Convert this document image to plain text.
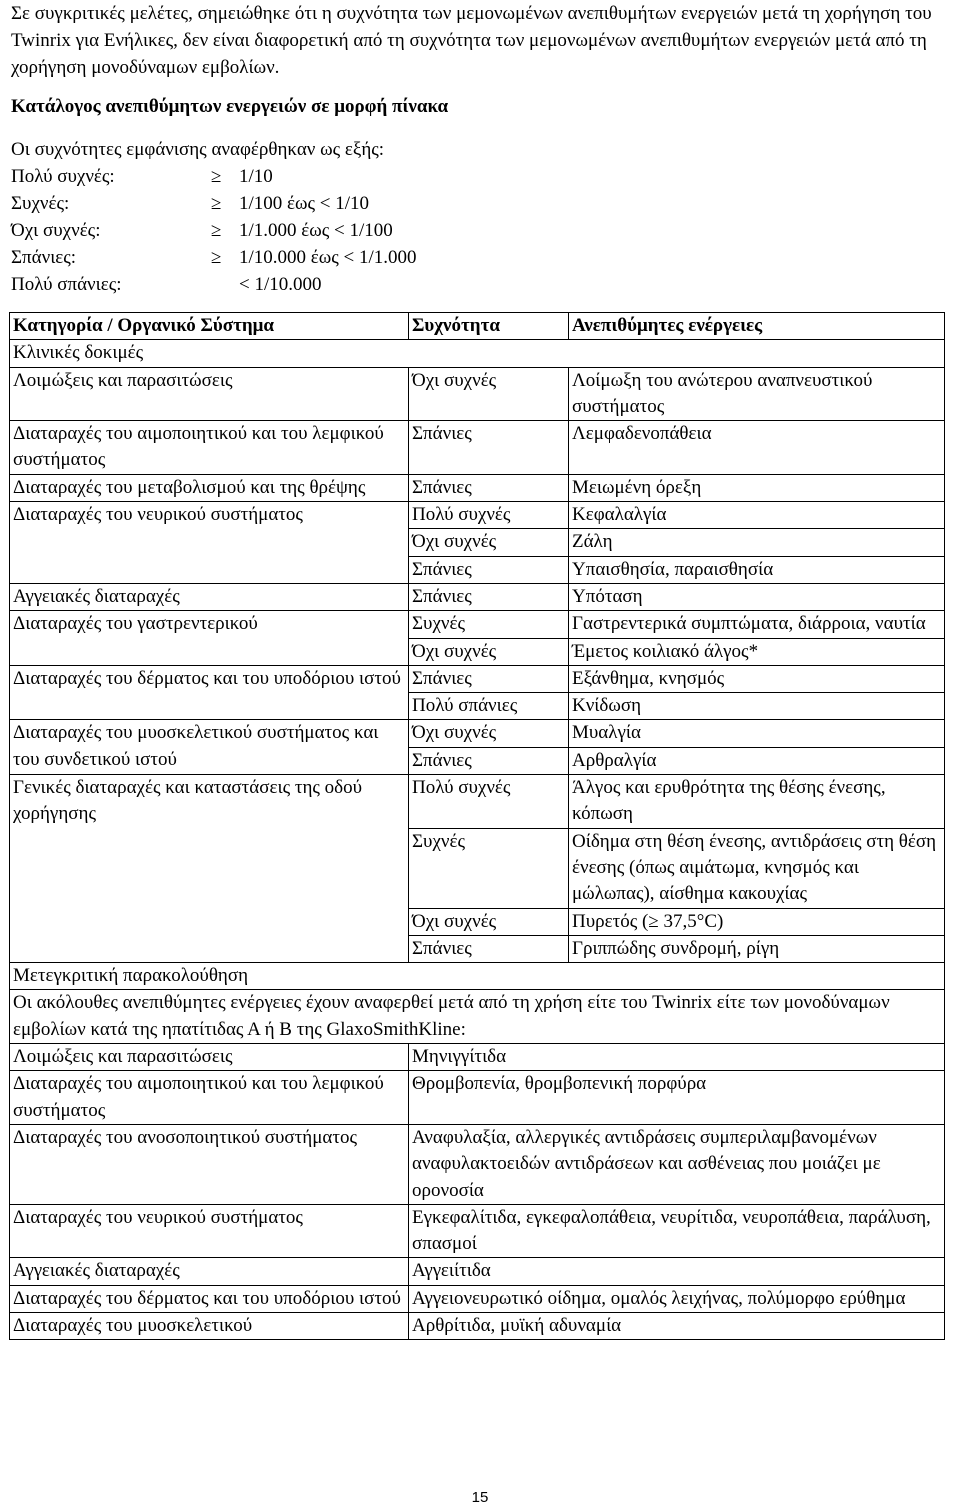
Σε συγκριτικές μελέτες, σημειώθηκε ότι η συχνότητα των μεμονωμένων ανεπιθυμήτων ενεργειών μετά τη χορήγηση του Twinrix για Ενήλικες, δεν είναι διαφορετική από τη συχνότητα των μεμονωμένων ανεπιθυμήτων ενεργειών μετά από τη χορήγηση μονοδύναμων εμβολίων.

Κατάλογος ανεπιθύμητων ενεργειών σε μορφή πίνακα

Οι συχνότητες εμφάνισης αναφέρθηκαν ως εξής:

Πολύ συχνές:	≥	1/10
Συχνές:	≥	1/100 έως < 1/10
Όχι συχνές:	≥	1/1.000 έως < 1/100
Σπάνιες:	≥	1/10.000 έως < 1/1.000
Πολύ σπάνιες:		< 1/10.000
Κατηγορία / Οργανικό Σύστημα	Συχνότητα	Ανεπιθύμητες ενέργειες
Κλινικές δοκιμές		
Λοιμώξεις και παρασιτώσεις	Όχι συχνές	Λοίμωξη του ανώτερου αναπνευστικού συστήματος
Διαταραχές του αιμοποιητικού και του λεμφικού συστήματος	Σπάνιες	Λεμφαδενοπάθεια
Διαταραχές του μεταβολισμού και της θρέψης	Σπάνιες	Μειωμένη όρεξη
Διαταραχές του νευρικού συστήματος	Πολύ συχνές	Κεφαλαλγία
	Όχι συχνές	Ζάλη
	Σπάνιες	Υπαισθησία, παραισθησία
Αγγειακές διαταραχές	Σπάνιες	Υπόταση
Διαταραχές του γαστρεντερικού	Συχνές	Γαστρεντερικά συμπτώματα, διάρροια, ναυτία
	Όχι συχνές	Έμετος κοιλιακό άλγος*
Διαταραχές του δέρματος και του υποδόριου ιστού	Σπάνιες	Εξάνθημα, κνησμός
	Πολύ σπάνιες	Κνίδωση
Διαταραχές του μυοσκελετικού συστήματος και του συνδετικού ιστού	Όχι συχνές	Μυαλγία
	Σπάνιες	Αρθραλγία
Γενικές διαταραχές και καταστάσεις της οδού χορήγησης	Πολύ συχνές	Άλγος και ερυθρότητα της θέσης ένεσης, κόπωση
	Συχνές	Οίδημα στη θέση ένεσης, αντιδράσεις στη θέση ένεσης (όπως αιμάτωμα, κνησμός και μώλωπας), αίσθημα κακουχίας
	Όχι συχνές	Πυρετός (≥ 37,5°C)
	Σπάνιες	Γριππώδης συνδρομή, ρίγη
Μετεγκριτική παρακολούθηση		
Οι ακόλουθες ανεπιθύμητες ενέργειες έχουν αναφερθεί μετά από τη χρήση είτε του Twinrix είτε των μονοδύναμων εμβολίων κατά της ηπατίτιδας Α ή Β της GlaxoSmithKline:		
Λοιμώξεις και παρασιτώσεις	Μηνιγγίτιδα	
Διαταραχές του αιμοποιητικού και του λεμφικού συστήματος	Θρομβοπενία, θρομβοπενική πορφύρα	
Διαταραχές του ανοσοποιητικού συστήματος	Αναφυλαξία, αλλεργικές αντιδράσεις συμπεριλαμβανομένων αναφυλακτοειδών αντιδράσεων και ασθένειας που μοιάζει με ορονοσία	
Διαταραχές του νευρικού συστήματος	Εγκεφαλίτιδα, εγκεφαλοπάθεια, νευρίτιδα, νευροπάθεια, παράλυση, σπασμοί	
Αγγειακές διαταραχές	Αγγειίτιδα	
Διαταραχές του δέρματος και του υποδόριου ιστού	Αγγειονευρωτικό οίδημα, ομαλός λειχήνας, πολύμορφο ερύθημα	
Διαταραχές του μυοσκελετικού	Αρθρίτιδα, μυϊκή αδυναμία	
15
